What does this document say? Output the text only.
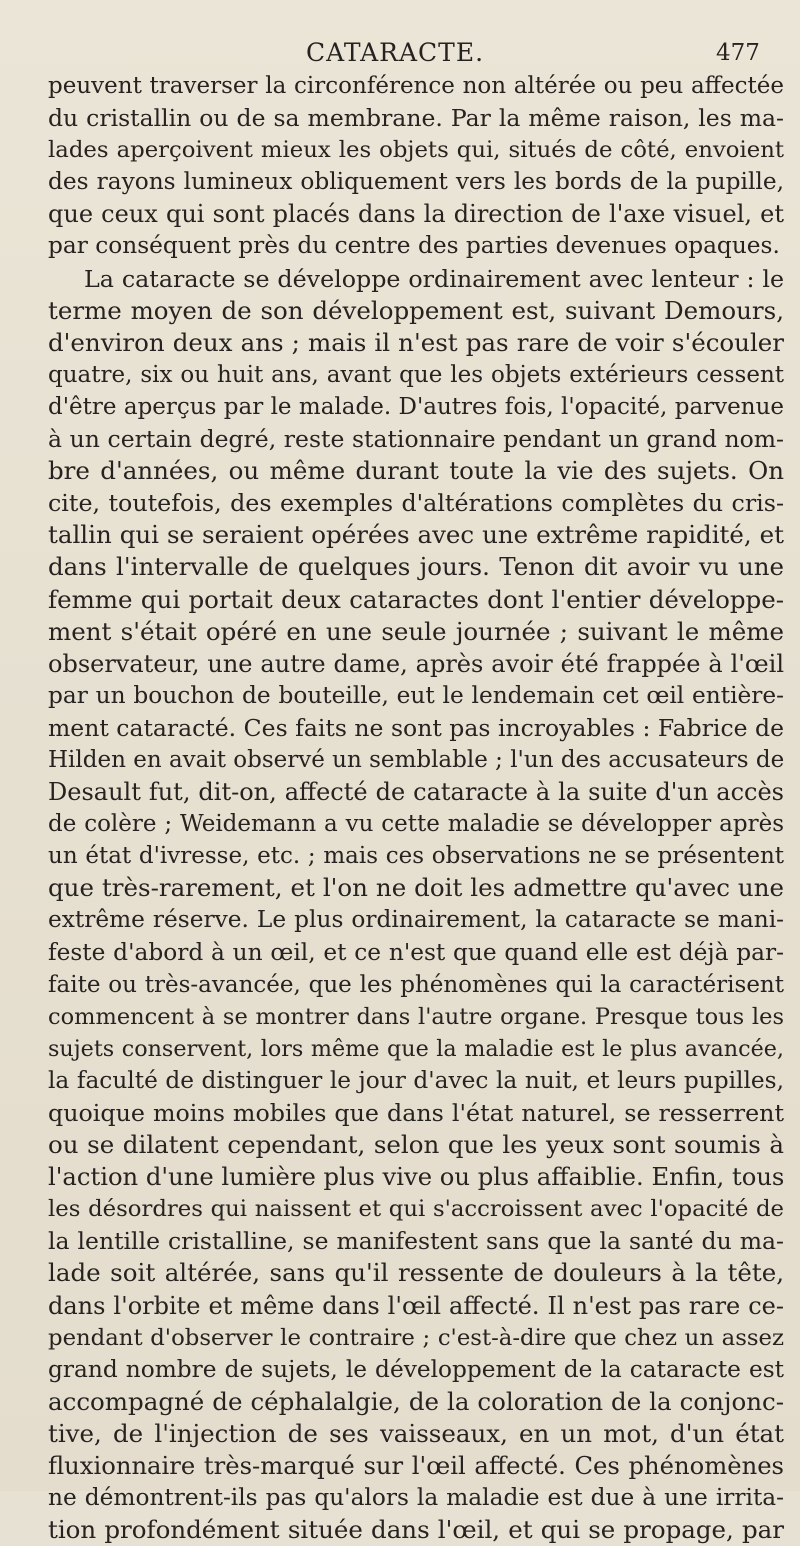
CATARACTE.	477
peuvent traverser la circonférence non altérée ou peu affectée
du cristallin ou de sa membrane. Par la même raison, les ma-
lades aperçoivent mieux les objets qui, situés de côté, envoient
des rayons lumineux obliquement vers les bords de la pupille,
que ceux qui sont placés dans la direction de l'axe visuel, et
par conséquent près du centre des parties devenues opaques.
La cataracte se développe ordinairement avec lenteur : le
terme moyen de son développement est, suivant Demours,
d'environ deux ans ; mais il n'est pas rare de voir s'écouler
quatre, six ou huit ans, avant que les objets extérieurs cessent
d'être aperçus par le malade. D'autres fois, l'opacité, parvenue
à un certain degré, reste stationnaire pendant un grand nom-
bre d'années, ou même durant toute la vie des sujets. On
cite, toutefois, des exemples d'altérations complètes du cris-
tallin qui se seraient opérées avec une extrême rapidité, et
dans l'intervalle de quelques jours. Tenon dit avoir vu une
femme qui portait deux cataractes dont l'entier développe-
ment s'était opéré en une seule journée ; suivant le même
observateur, une autre dame, après avoir été frappée à l'œil
par un bouchon de bouteille, eut le lendemain cet œil entière-
ment cataracté. Ces faits ne sont pas incroyables : Fabrice de
Hilden en avait observé un semblable ; l'un des accusateurs de
Desault fut, dit-on, affecté de cataracte à la suite d'un accès
de colère ; Weidemann a vu cette maladie se développer après
un état d'ivresse, etc. ; mais ces observations ne se présentent
que très-rarement, et l'on ne doit les admettre qu'avec une
extrême réserve. Le plus ordinairement, la cataracte se mani-
feste d'abord à un œil, et ce n'est que quand elle est déjà par-
faite ou très-avancée, que les phénomènes qui la caractérisent
commencent à se montrer dans l'autre organe. Presque tous les
sujets conservent, lors même que la maladie est le plus avancée,
la faculté de distinguer le jour d'avec la nuit, et leurs pupilles,
quoique moins mobiles que dans l'état naturel, se resserrent
ou se dilatent cependant, selon que les yeux sont soumis à
l'action d'une lumière plus vive ou plus affaiblie. Enfin, tous
les désordres qui naissent et qui s'accroissent avec l'opacité de
la lentille cristalline, se manifestent sans que la santé du ma-
lade soit altérée, sans qu'il ressente de douleurs à la tête,
dans l'orbite et même dans l'œil affecté. Il n'est pas rare ce-
pendant d'observer le contraire ; c'est-à-dire que chez un assez
grand nombre de sujets, le développement de la cataracte est
accompagné de céphalalgie, de la coloration de la conjonc-
tive, de l'injection de ses vaisseaux, en un mot, d'un état
fluxionnaire très-marqué sur l'œil affecté. Ces phénomènes
ne démontrent-ils pas qu'alors la maladie est due à une irrita-
tion profondément située dans l'œil, et qui se propage, par
